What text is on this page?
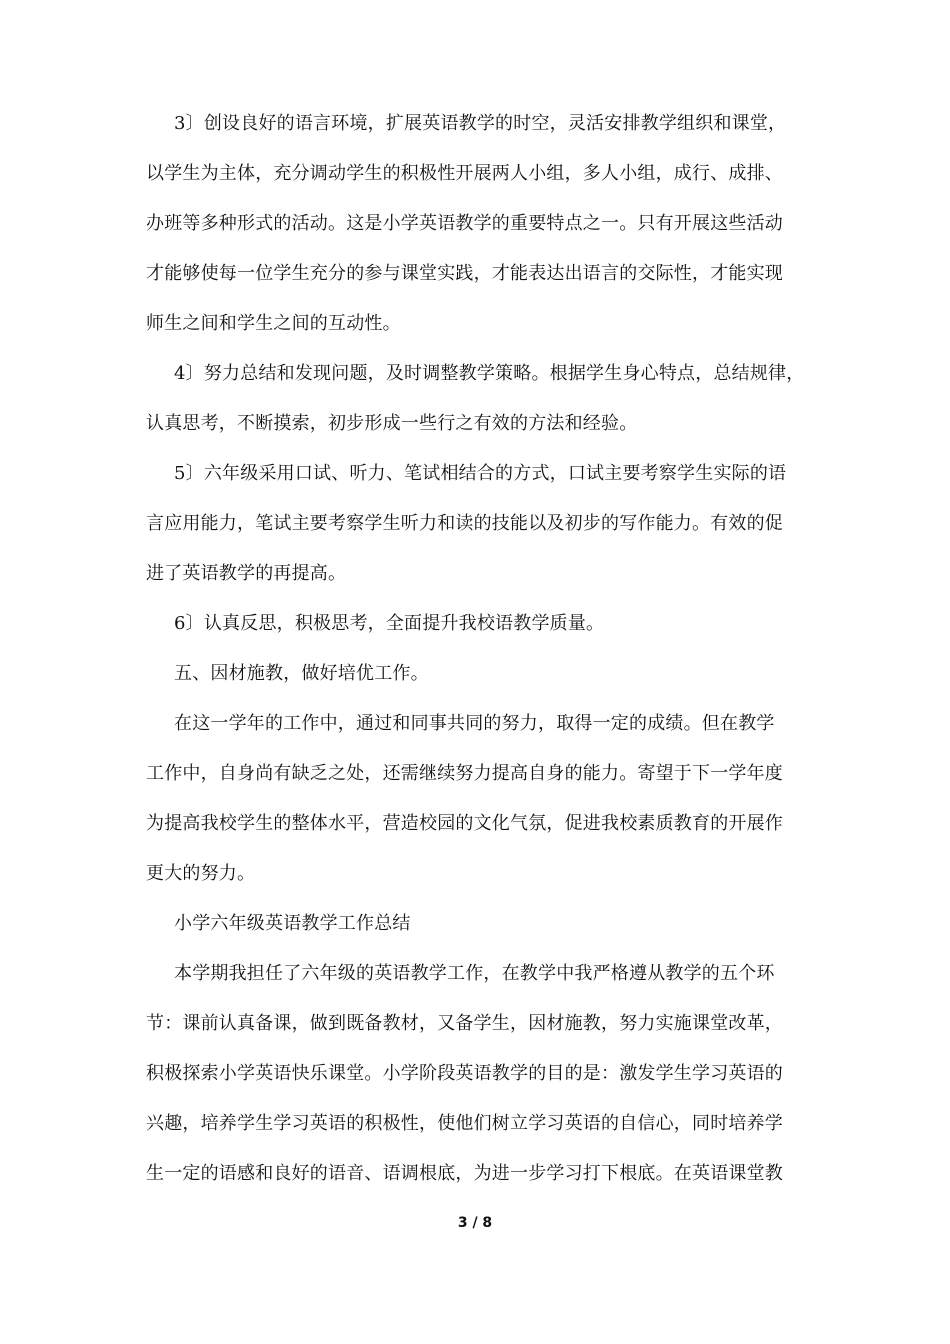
3〕创设良好的语言环境，扩展英语教学的时空，灵活安排教学组织和课堂，
以学生为主体，充分调动学生的积极性开展两人小组，多人小组，成行、成排、
办班等多种形式的活动。这是小学英语教学的重要特点之一。只有开展这些活动
才能够使每一位学生充分的参与课堂实践，才能表达出语言的交际性，才能实现
师生之间和学生之间的互动性。
4〕努力总结和发现问题，及时调整教学策略。根据学生身心特点，总结规律，
认真思考，不断摸索，初步形成一些行之有效的方法和经验。
5〕六年级采用口试、听力、笔试相结合的方式，口试主要考察学生实际的语
言应用能力，笔试主要考察学生听力和读的技能以及初步的写作能力。有效的促
进了英语教学的再提高。
6〕认真反思，积极思考，全面提升我校语教学质量。
五、因材施教，做好培优工作。
在这一学年的工作中，通过和同事共同的努力，取得一定的成绩。但在教学
工作中，自身尚有缺乏之处，还需继续努力提高自身的能力。寄望于下一学年度
为提高我校学生的整体水平，营造校园的文化气氛，促进我校素质教育的开展作
更大的努力。
小学六年级英语教学工作总结
本学期我担任了六年级的英语教学工作，在教学中我严格遵从教学的五个环
节：课前认真备课，做到既备教材，又备学生，因材施教，努力实施课堂改革，
积极探索小学英语快乐课堂。小学阶段英语教学的目的是：激发学生学习英语的
兴趣，培养学生学习英语的积极性，使他们树立学习英语的自信心，同时培养学
生一定的语感和良好的语音、语调根底，为进一步学习打下根底。在英语课堂教
3 / 8
